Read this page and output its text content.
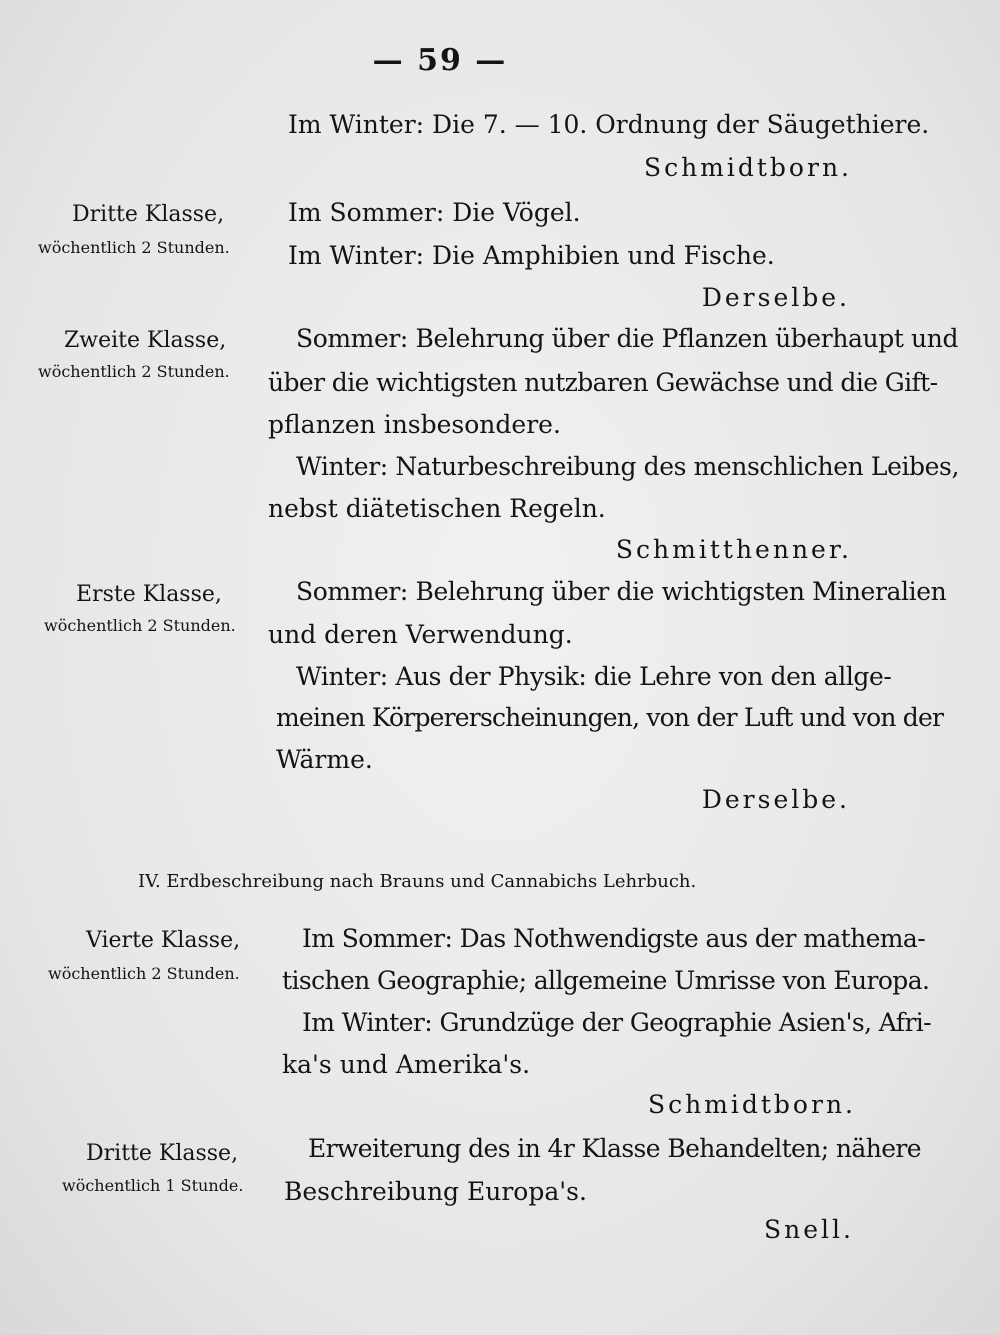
— 59 —
Im Winter: Die 7. — 10. Ordnung der Säugethiere.
Schmidtborn.
Dritte Klasse,
wöchentlich 2 Stunden.
Im Sommer: Die Vögel.
Im Winter: Die Amphibien und Fische.
Derselbe.
Zweite Klasse,
wöchentlich 2 Stunden.
Sommer: Belehrung über die Pflanzen überhaupt und
über die wichtigsten nutzbaren Gewächse und die Gift-
pflanzen insbesondere.
Winter: Naturbeschreibung des menschlichen Leibes,
nebst diätetischen Regeln.
Schmitthenner.
Erste Klasse,
wöchentlich 2 Stunden.
Sommer: Belehrung über die wichtigsten Mineralien
und deren Verwendung.
Winter: Aus der Physik: die Lehre von den allge-
meinen Körpererscheinungen, von der Luft und von der
Wärme.
Derselbe.
IV. Erdbeschreibung nach Brauns und Cannabichs Lehrbuch.
Vierte Klasse,
wöchentlich 2 Stunden.
Im Sommer: Das Nothwendigste aus der mathema-
tischen Geographie; allgemeine Umrisse von Europa.
Im Winter: Grundzüge der Geographie Asien's, Afri-
ka's und Amerika's.
Schmidtborn.
Dritte Klasse,
wöchentlich 1 Stunde.
Erweiterung des in 4r Klasse Behandelten; nähere
Beschreibung Europa's.
Snell.
